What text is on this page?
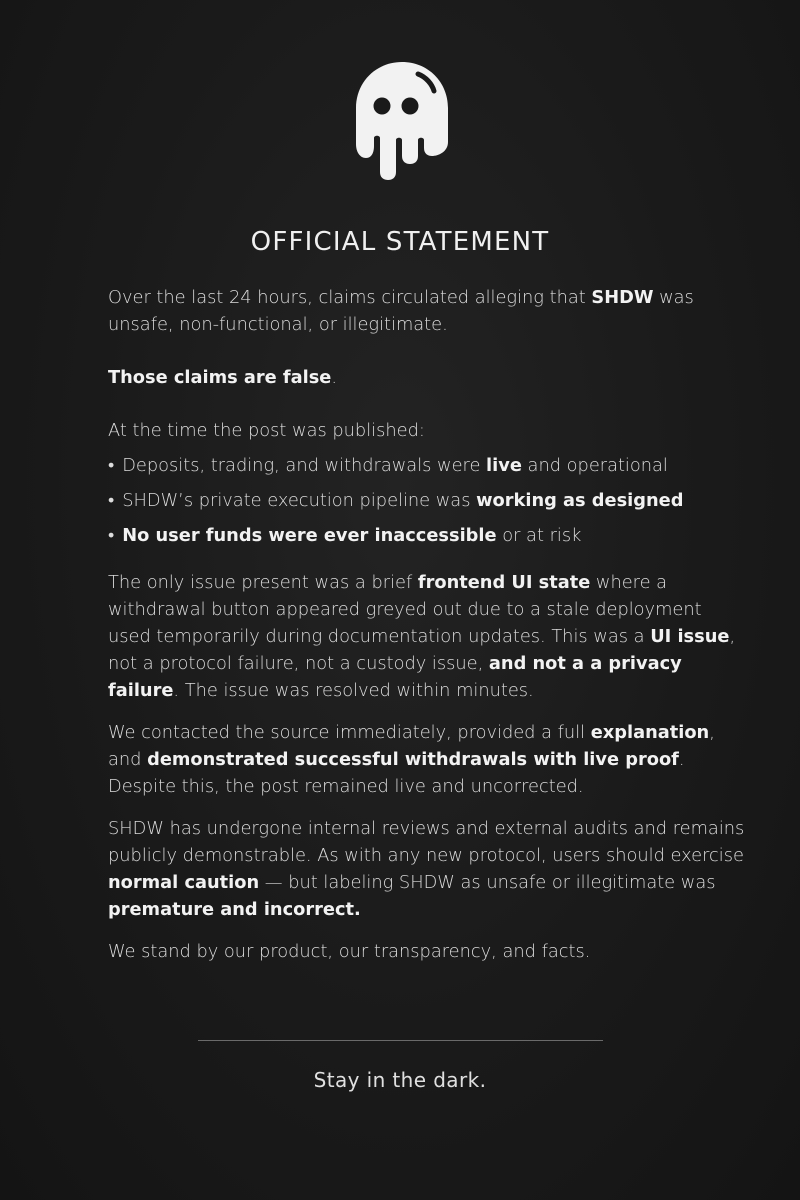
OFFICIAL STATEMENT

Over the last 24 hours, claims circulated alleging that SHDW was unsafe, non-functional, or illegitimate.

Those claims are false.

At the time the post was published:

• Deposits, trading, and withdrawals were live and operational
• SHDW’s private execution pipeline was working as designed
• No user funds were ever inaccessible or at risk

The only issue present was a brief frontend UI state where a withdrawal button appeared greyed out due to a stale deployment used temporarily during documentation updates. This was a UI issue, not a protocol failure, not a custody issue, and not a a privacy failure. The issue was resolved within minutes.

We contacted the source immediately, provided a full explanation, and demonstrated successful withdrawals with live proof. Despite this, the post remained live and uncorrected.

SHDW has undergone internal reviews and external audits and remains publicly demonstrable. As with any new protocol, users should exercise normal caution — but labeling SHDW as unsafe or illegitimate was premature and incorrect.

We stand by our product, our transparency, and facts.

Stay in the dark.
